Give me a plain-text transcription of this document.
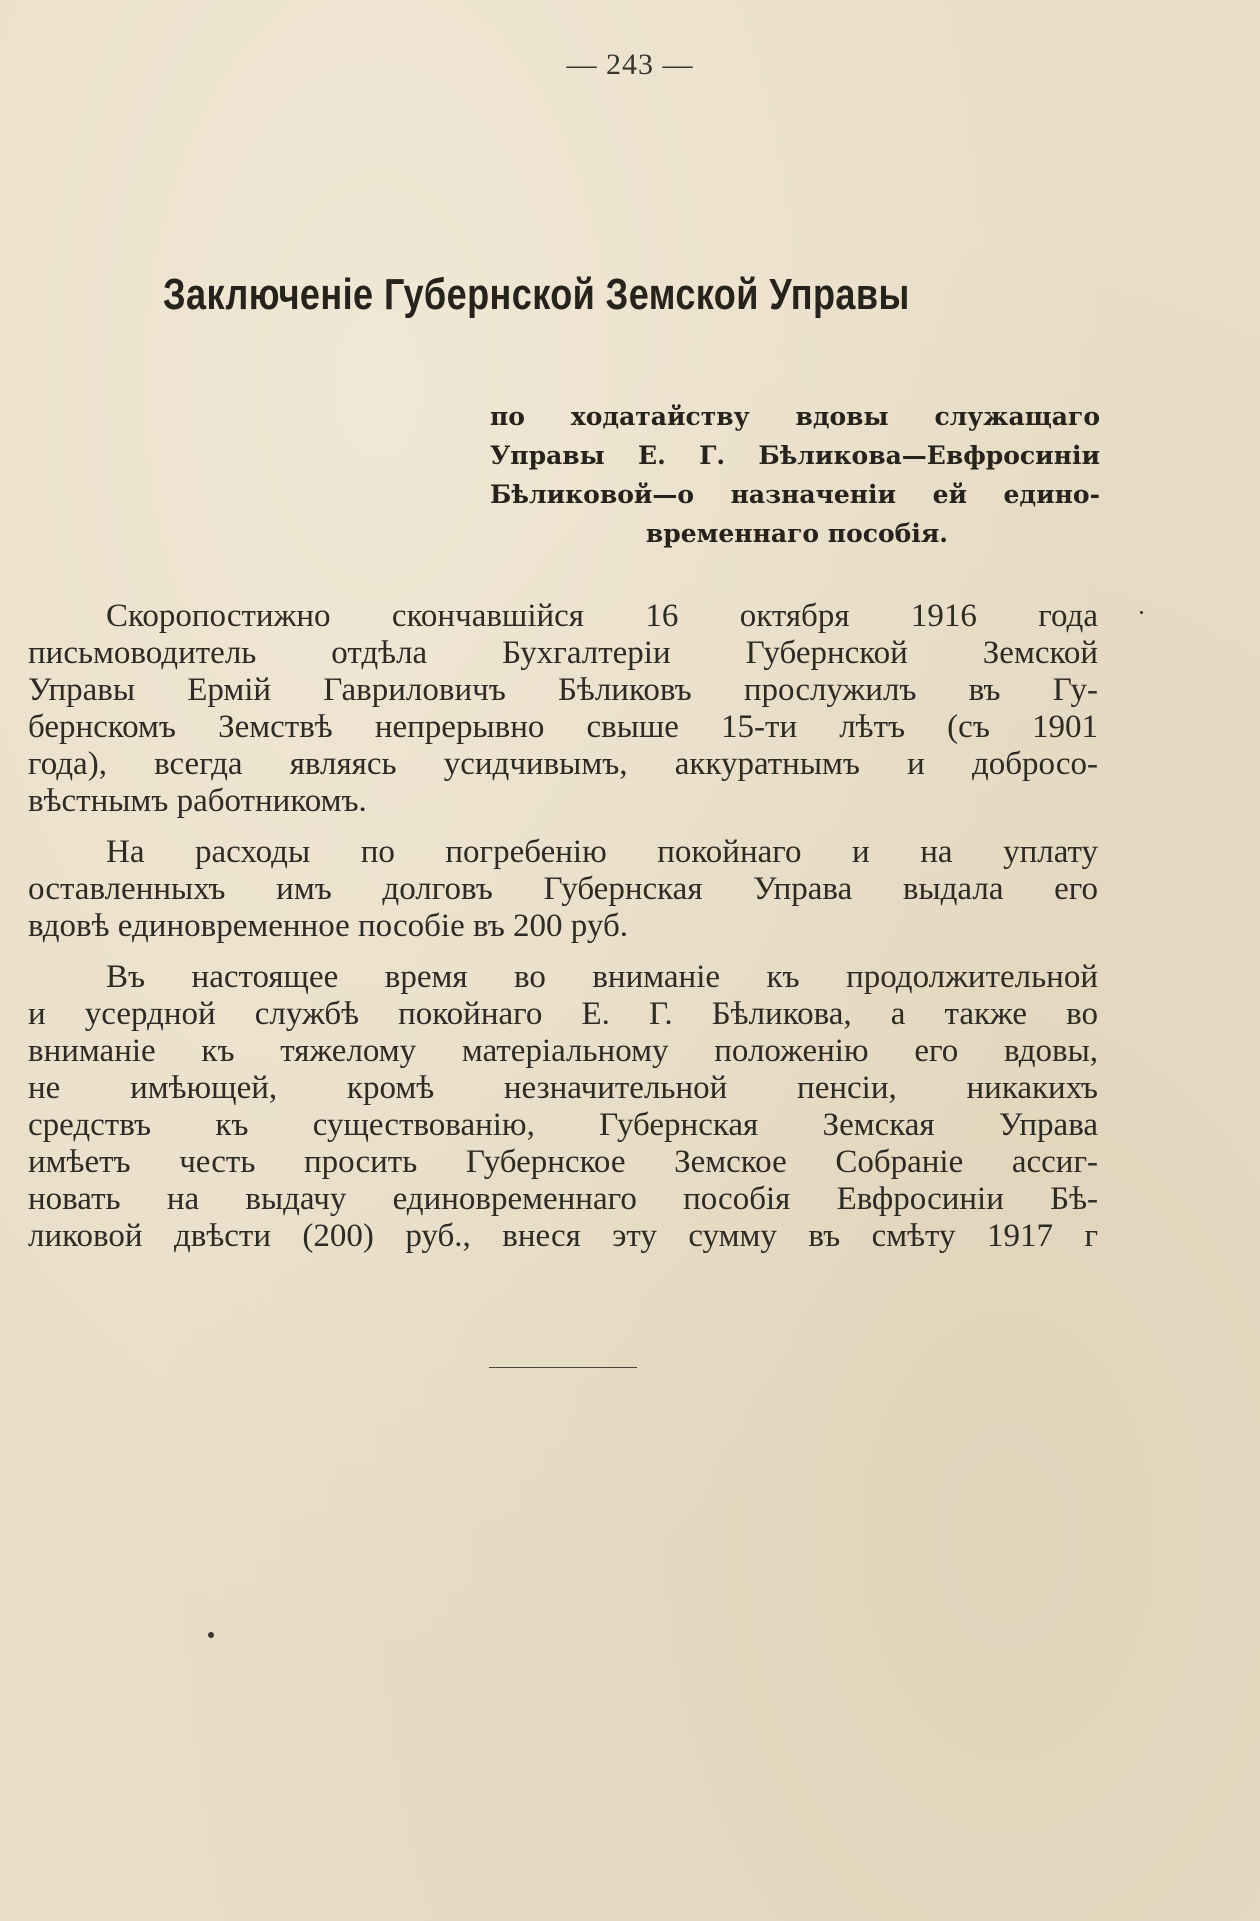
— 243 —
Заключеніе Губернской Земской Управы
по ходатайству вдовы служащаго
Управы Е. Г. Бѣликова—Евфросиніи
Бѣликовой—о назначеніи ей едино-
временнаго пособія.

Скоропостижно скончавшійся 16 октября 1916 года
письмоводитель отдѣла Бухгалтеріи Губернской Земской
Управы Ермій Гавриловичъ Бѣликовъ прослужилъ въ Гу-
бернскомъ Земствѣ непрерывно свыше 15-ти лѣтъ (съ 1901
года), всегда являясь усидчивымъ, аккуратнымъ и добросо-
вѣстнымъ работникомъ.

На расходы по погребенію покойнаго и на уплату
оставленныхъ имъ долговъ Губернская Управа выдала его
вдовѣ единовременное пособіе въ 200 руб.

Въ настоящее время во вниманіе къ продолжительной
и усердной службѣ покойнаго Е. Г. Бѣликова, а также во
вниманіе къ тяжелому матеріальному положенію его вдовы,
не имѣющей, кромѣ незначительной пенсіи, никакихъ
средствъ къ существованію, Губернская Земская Управа
имѣетъ честь просить Губернское Земское Собраніе ассиг-
новать на выдачу единовременнаго пособія Евфросиніи Бѣ-
ликовой двѣсти (200) руб., внеся эту сумму въ смѣту 1917 г
